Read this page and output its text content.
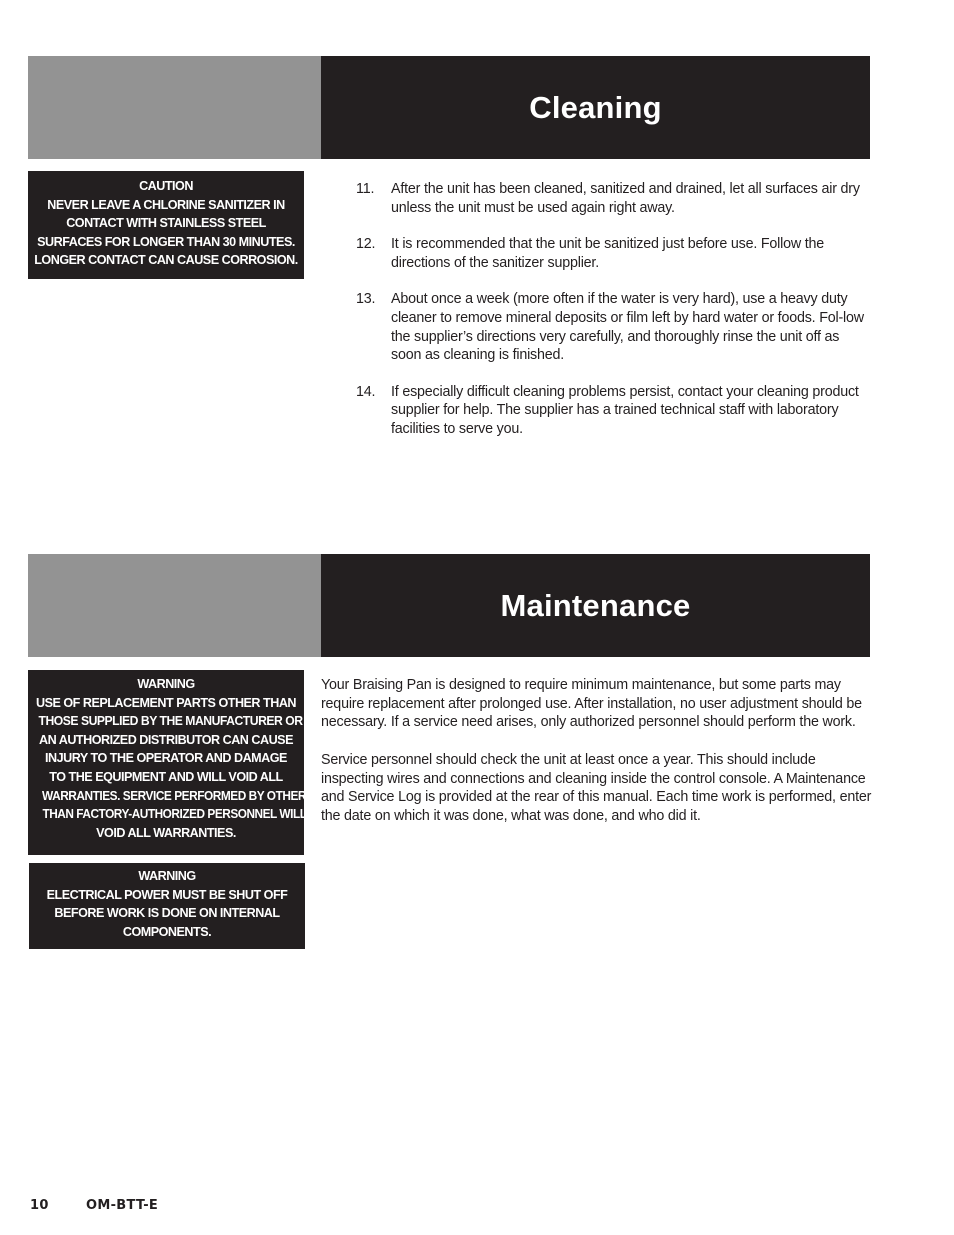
Cleaning
CAUTION
NEVER LEAVE A CHLORINE SANITIZER IN
CONTACT WITH STAINLESS STEEL
SURFACES FOR LONGER THAN 30 MINUTES.
LONGER CONTACT CAN CAUSE CORROSION.
11.	After the unit has been cleaned, sanitized and drained, let all surfaces air dry unless the unit must be used again right away.
12.	It is recommended that the unit be sanitized just before use. Follow the directions of the sanitizer supplier.
13.	About once a week (more often if the water is very hard), use a heavy duty cleaner to remove mineral deposits or film left by hard water or foods. Fol-low the supplier’s directions very carefully, and thoroughly rinse the unit off as soon as cleaning is finished.
14.	If especially difficult cleaning problems persist, contact your cleaning product supplier for help. The supplier has a trained technical staff with laboratory facilities to serve you.
Maintenance
WARNING
USE OF REPLACEMENT PARTS OTHER THAN
THOSE SUPPLIED BY THE MANUFACTURER OR
AN AUTHORIZED DISTRIBUTOR CAN CAUSE
INJURY TO THE OPERATOR AND DAMAGE
TO THE EQUIPMENT AND WILL VOID ALL
WARRANTIES. SERVICE PERFORMED BY OTHER
THAN FACTORY-AUTHORIZED PERSONNEL WILL
VOID ALL WARRANTIES.
WARNING
ELECTRICAL POWER MUST BE SHUT OFF
BEFORE WORK IS DONE ON INTERNAL
COMPONENTS.

Your Braising Pan is designed to require minimum maintenance, but some parts may require replacement after prolonged use. After installation, no user adjustment should be necessary. If a service need arises, only authorized personnel should perform the work.

Service personnel should check the unit at least once a year. This should include inspecting wires and connections and cleaning inside the control console. A Maintenance and Service Log is provided at the rear of this manual. Each time work is performed, enter the date on which it was done, what was done, and who did it.

10	OM-BTT-E
